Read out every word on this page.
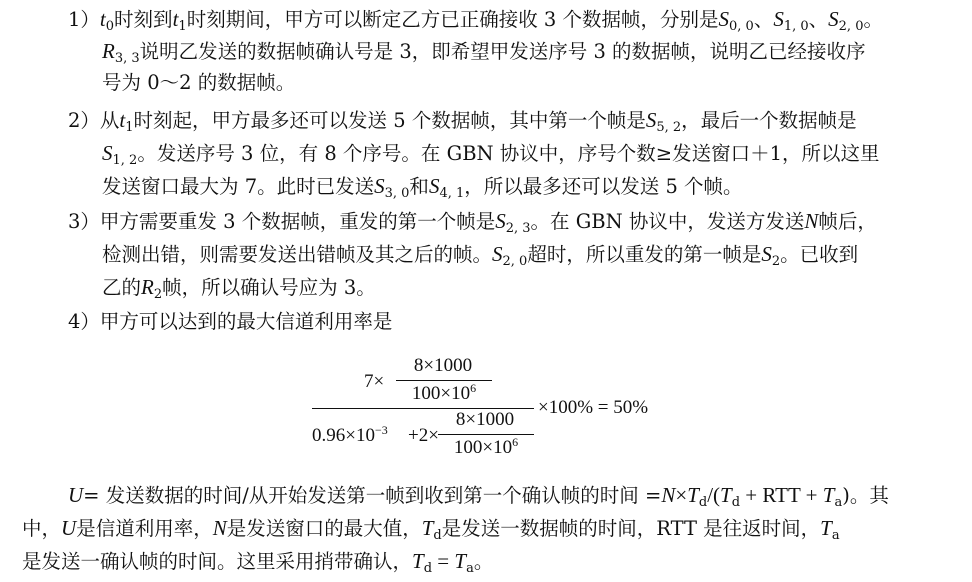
$1)t_0$时刻到$t_1$时刻期间，甲方可以断定乙方已正确接收 3 个数据帧，分别是$S_{0, 0}$、$S_{1, 0}$、$S_{2, 0}$。
$R_{3, 3}$说明乙发送的数据帧确认号是 3，即希望甲发送序号 3 的数据帧，说明乙已经接收序
号为 0～2 的数据帧。
2）从$t_1$时刻起，甲方最多还可以发送 5 个数据帧，其中第一个帧是$S_{5, 2}$，最后一个数据帧是
$S_{1, 2}$。发送序号 3 位，有 8 个序号。在 GBN 协议中，序号个数≥发送窗口＋1，所以这里
发送窗口最大为 7。此时已发送$S_{3, 0}$和$S_{4, 1}$，所以最多还可以发送 5 个帧。
3）甲方需要重发 3 个数据帧，重发的第一个帧是$S_{2, 3}$。在 GBN 协议中，发送方发送N帧后，
检测出错，则需要发送出错帧及其之后的帧。$S_{2, 0}$超时，所以重发的第一帧是$S_2$。已收到
乙的$R_2$帧，所以确认号应为 3。
4）甲方可以达到的最大信道利用率是
7×
8×1000
$100\times 10^6$
$0.96\times 10^{-3} +2\times$
8×1000
$100\times 10^6$
×100% = 50%
U= 发送数据的时间/从开始发送第一帧到收到第一个确认帧的时间 $=N\times T_d/(T_d$ + RTT + $T_a$)。其
中，U是信道利用率，N是发送窗口的最大值，$T_d$是发送一数据帧的时间，RTT 是往返时间，$T_a$
是发送一确认帧的时间。这里采用捎带确认，$T_d = T_a$。
